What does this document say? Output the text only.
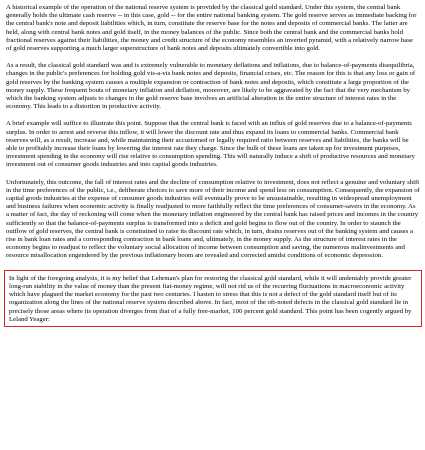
A historical example of the operation of the national reserve system is provided by the classical gold standard. Under this system, the central bank generally holds the ultimate cash reserve -- in this case, gold -- for the entire national banking system. The gold reserve serves as immediate backing for the central bank's note and deposit liabilities which, in turn, constitute the reserve base for the notes and deposits of commercial banks. The latter are held, along with central bank notes and gold itself, in the money balances of the public. Since both the central bank and the commercial banks hold fractional reserves against their liabilities, the money and credit structure of the economy resembles an inverted pyramid, with a relatively narrow base of gold reserves supporting a much larger superstructure of bank notes and deposits ultimately convertible into gold.

As a result, the classical gold standard was and is extremely vulnerable to monetary deflations and inflations, due to balance-of-payments disequilibria, changes in the public's preferences for holding gold vis-a-vis bank notes and deposits, financial crises, etc. The reason for this is that any loss or gain of gold reserves by the banking system causes a multiple expansion or contraction of bank notes and deposits, which constitute a large proportion of the money supply. These frequent bouts of monetary inflation and deflation, moreover, are likely to be aggravated by the fact that the very mechanism by which the banking system adjusts to changes in the gold reserve base involves an artificial alteration in the entire structure of interest rates in the economy. This leads to a distortion in productive activity.

A brief example will suffice to illustrate this point. Suppose that the central bank is faced with an influx of gold reserves due to a balance-of-payments surplus. In order to arrest and reverse this inflow, it will lower the discount rate and thus expand its loans to commercial banks. Commercial bank reserves will, as a result, increase and, while maintaining their accustomed or legally required ratio between reserves and liabilities, the banks will be able to profitably increase their loans by lowering the interest rate they charge. Since the bulk of these loans are taken up for investment purposes, investment spending in the economy will rise relative to consumption spending. This will naturally induce a shift of productive resources and monetary investment out of consumer goods industries and into capital goods industries.

Unfortunately, this outcome, the fall of interest rates and the decline of consumption relative to investment, does not reflect a genuine and voluntary shift in the time preferences of the public, i.e., deliberate choices to save more of their income and spend less on consumption. Consequently, the expansion of capital goods industries at the expense of consumer goods industries will eventually prove to be unsustainable, resulting in widespread unemployment and business failures when economic activity is finally readjusted to more faithfully reflect the time preferences of consumer-savers in the economy. As a matter of fact, the day of reckoning will come when the monetary inflation engineered by the central bank has raised prices and incomes in the country sufficiently so that the balance-of-payments surplus is transformed into a deficit and gold begins to flow out of the country. In order to staunch the outflow of gold reserves, the central bank is constrained to raise its discount rate which, in turn, drains reserves out of the banking system and causes a rise in bank loan rates and a corresponding contraction in bank loans and, ultimately, in the money supply. As the structure of interest rates in the economy begins to readjust to reflect the voluntary social allocation of income between consumption and saving, the numerous malinvestments and resource misallocation engendered by the previous inflationary boom are revealed and corrected amidst conditions of economic depression.

In light of the foregoing analysis, it is my belief that Lehrman's plan for restoring the classical gold standard, while it will undeniably provide greater long-run stability in the value of money than the present fiat-money regime, will not rid us of the recurring fluctuations in macroeconomic activity which have plagued the market economy for the past two centuries. I hasten to stress that this is not a defect of the gold standard itself but of its organization along the lines of the national reserve system described above. In fact, most of the oft-noted defects in the classical gold standard lie in precisely those areas where its operation diverges from that of a fully free-market, 100 percent gold standard. This point has been cogently argued by Leland Yeager:
